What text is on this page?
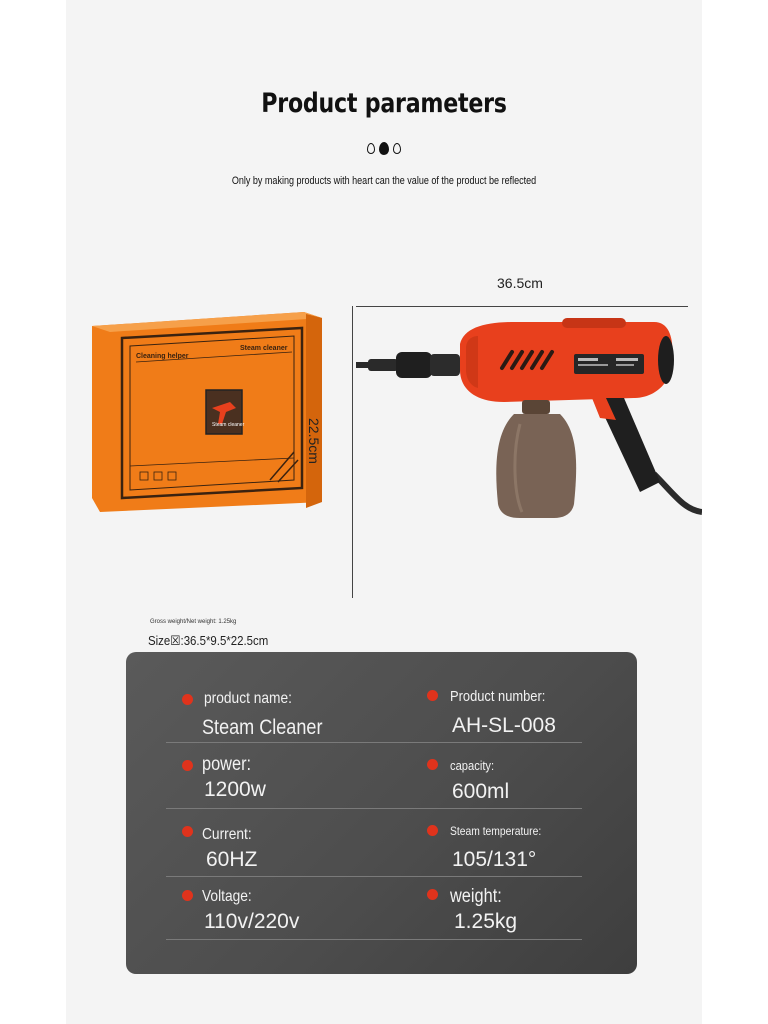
Product parameters
Only by making products with heart can the value of the product be reflected
Cleaning helper
Steam cleaner
Steam cleaner
36.5cm
22.5cm
Gross weight/Net weight: 1.25kg
Size☒:36.5*9.5*22.5cm
product name:
Steam Cleaner
Product number:
AH-SL-008
power:
1200w
capacity:
600ml
Current:
60HZ
Steam temperature:
105/131°
Voltage:
110v/220v
weight:
1.25kg
